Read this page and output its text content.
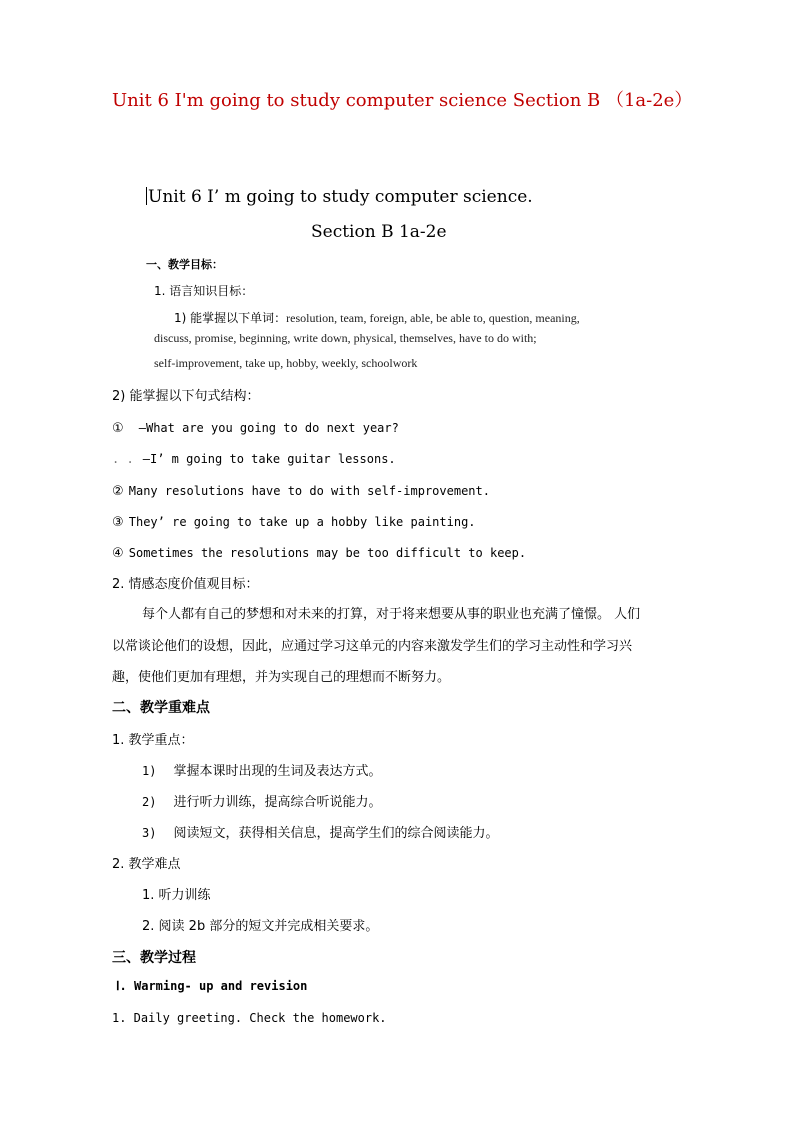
Unit 6 I'm going to study computer science Section B （1a-2e）
Unit 6 I’ m going to study computer science.
Section B 1a-2e
一、教学目标：
1. 语言知识目标：
1) 能掌握以下单词：resolution, team, foreign, able, be able to, question, meaning,
discuss, promise, beginning, write down, physical, themselves, have to do with;
self-improvement, take up, hobby, weekly, schoolwork
2) 能掌握以下句式结构：
① —What are you going to do next year?
. . —I’ m going to take guitar lessons.
② Many resolutions have to do with self-improvement.
③ They’ re going to take up a hobby like painting.
④ Sometimes the resolutions may be too difficult to keep.
2. 情感态度价值观目标：
每个人都有自己的梦想和对未来的打算，对于将来想要从事的职业也充满了憧憬。 人们
以常谈论他们的设想，因此，应通过学习这单元的内容来激发学生们的学习主动性和学习兴
趣，使他们更加有理想，并为实现自己的理想而不断努力。
二、教学重难点
1. 教学重点：
1) 掌握本课时出现的生词及表达方式。
2) 进行听力训练，提高综合听说能力。
3) 阅读短文，获得相关信息，提高学生们的综合阅读能力。
2. 教学难点
1. 听力训练
2. 阅读 2b 部分的短文并完成相关要求。
三、教学过程
Ⅰ. Warming- up and revision
1. Daily greeting. Check the homework.
